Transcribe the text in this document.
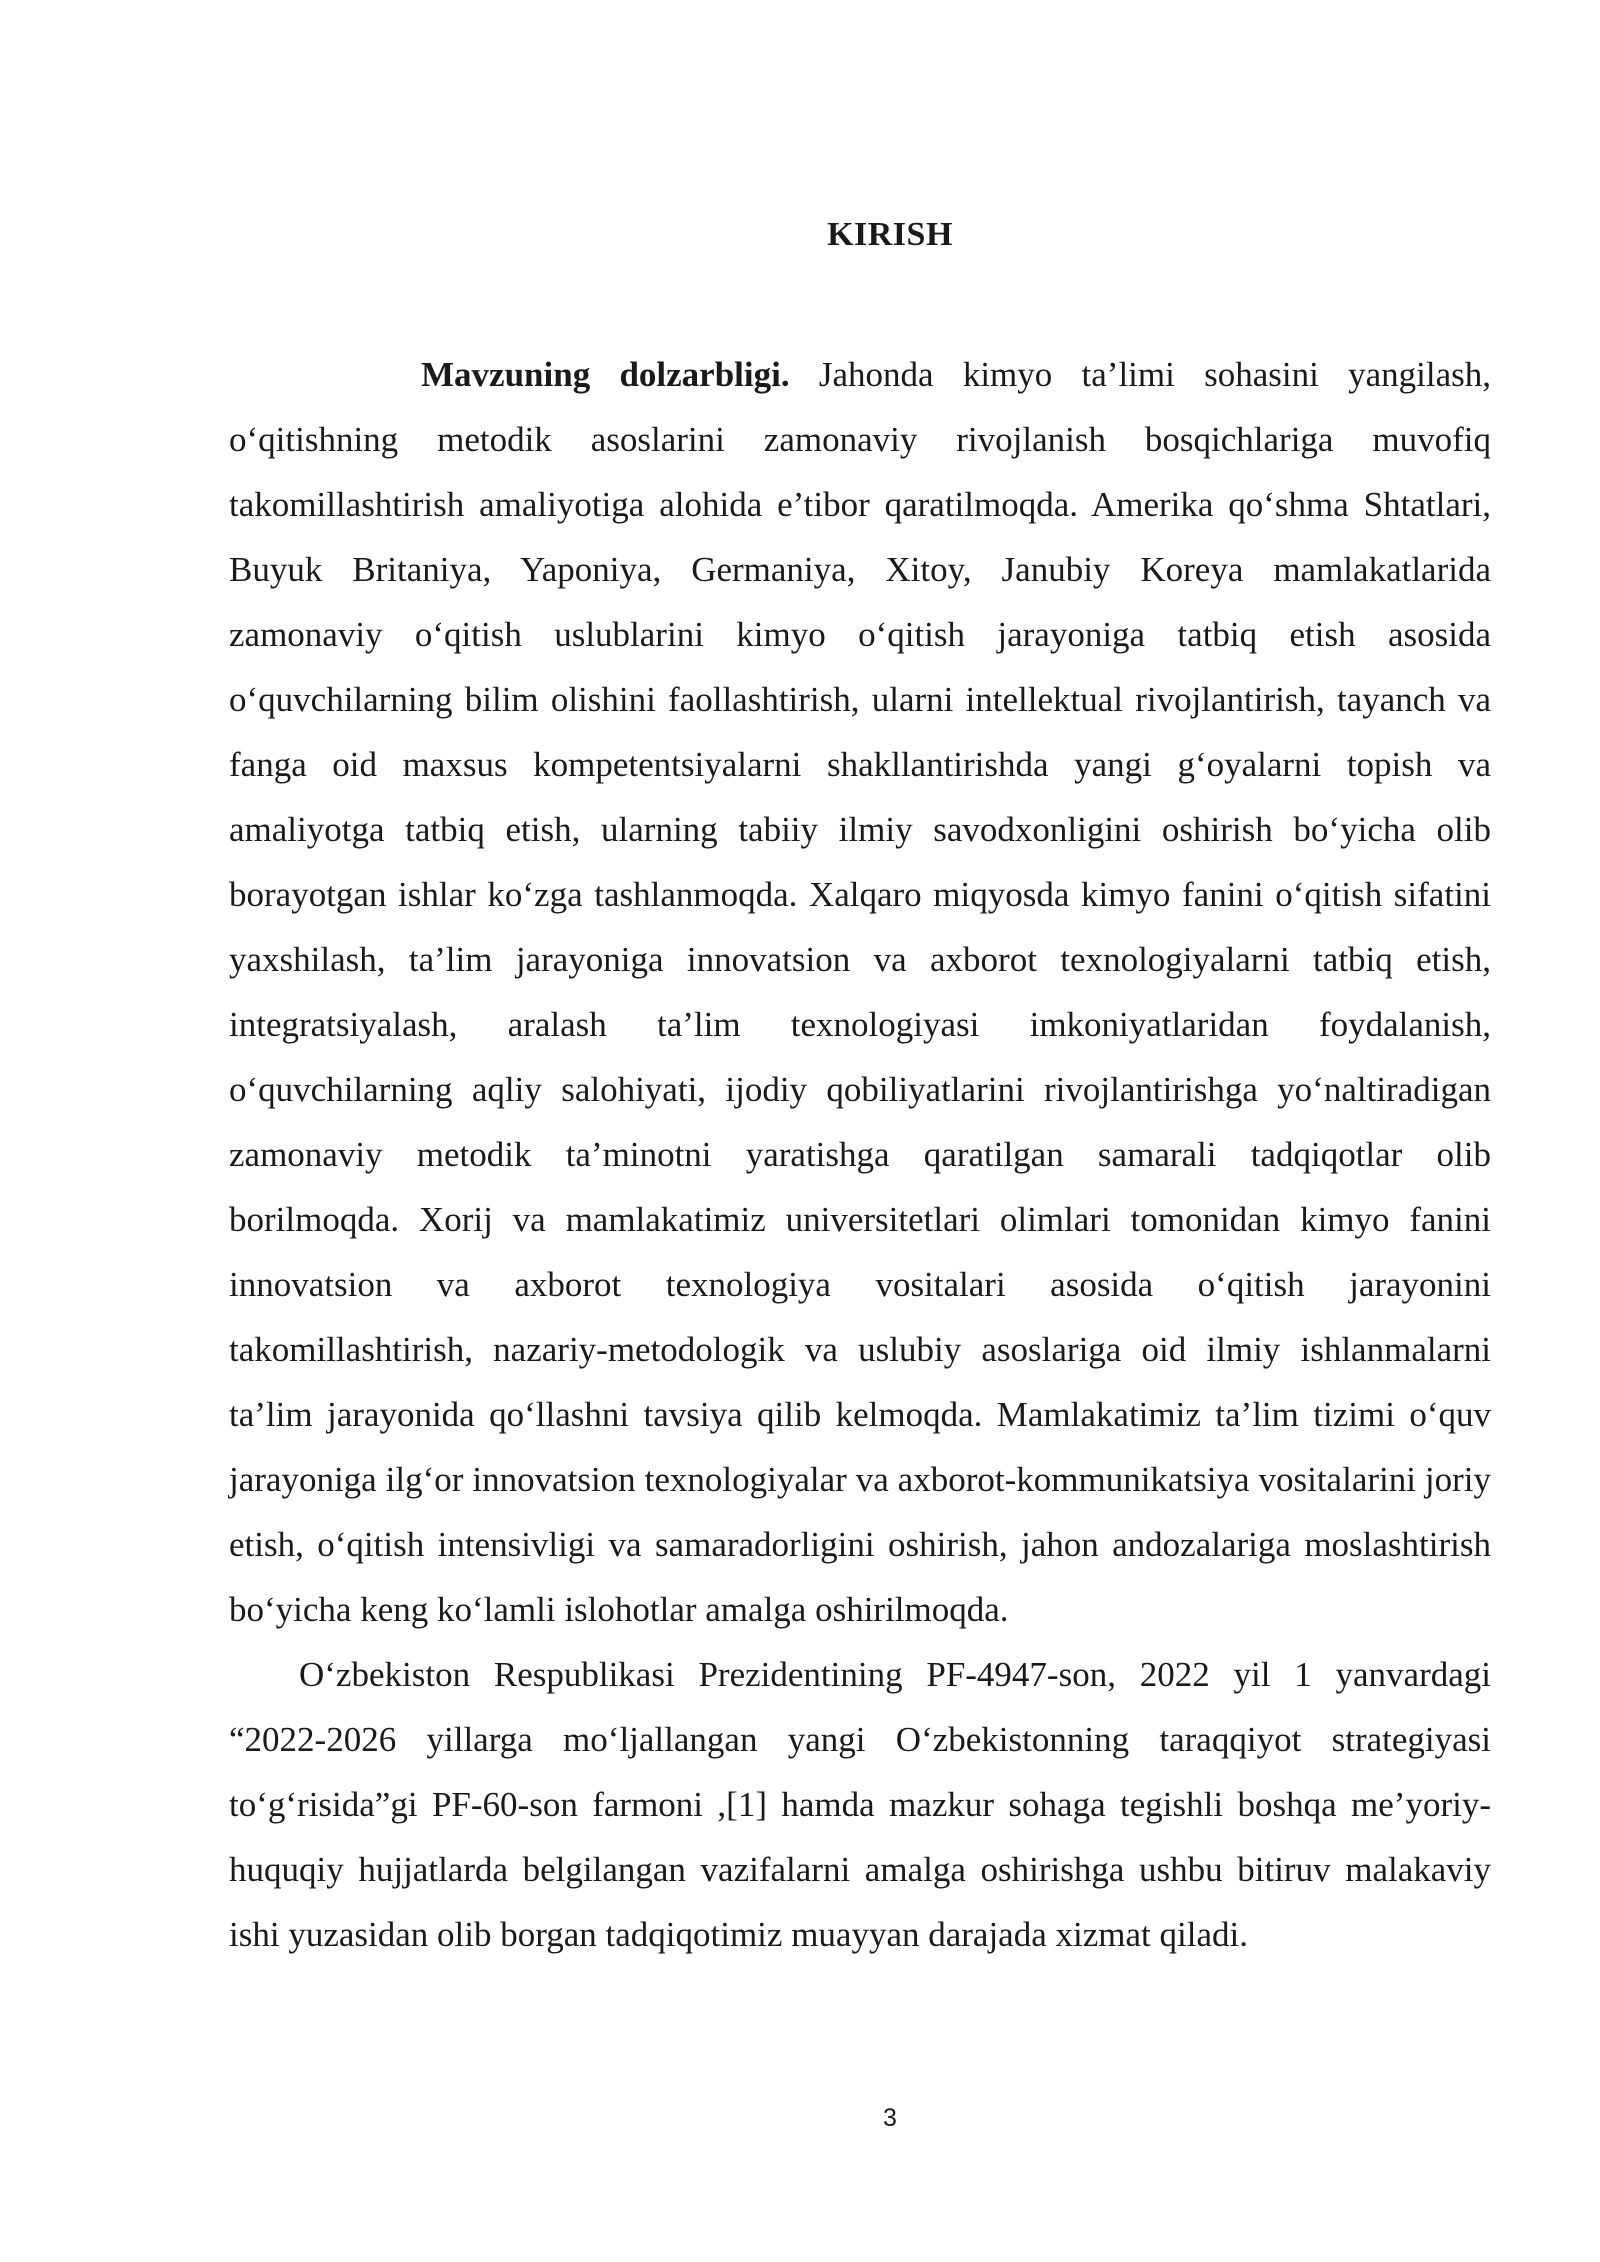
KIRISH

Mavzuning dolzarbligi. Jahonda kimyo ta’limi sohasini yangilash, o‘qitishning metodik asoslarini zamonaviy rivojlanish bosqichlariga muvofiq takomillashtirish amaliyotiga alohida e’tibor qaratilmoqda. Amerika qo‘shma Shtatlari, Buyuk Britaniya, Yaponiya, Germaniya, Xitoy, Janubiy Koreya mamlakatlarida zamonaviy o‘qitish uslublarini kimyo o‘qitish jarayoniga tatbiq etish asosida o‘quvchilarning bilim olishini faollashtirish, ularni intellektual rivojlantirish, tayanch va fanga oid maxsus kompetentsiyalarni shakllantirishda yangi g‘oyalarni topish va amaliyotga tatbiq etish, ularning tabiiy ilmiy savodxonligini oshirish bo‘yicha olib borayotgan ishlar ko‘zga tashlanmoqda. Xalqaro miqyosda kimyo fanini o‘qitish sifatini yaxshilash, ta’lim jarayoniga innovatsion va axborot texnologiyalarni tatbiq etish, integratsiyalash, aralash ta’lim texnologiyasi imkoniyatlaridan foydalanish, o‘quvchilarning aqliy salohiyati, ijodiy qobiliyatlarini rivojlantirishga yo‘naltiradigan zamonaviy metodik ta’minotni yaratishga qaratilgan samarali tadqiqotlar olib borilmoqda. Xorij va mamlakatimiz universitetlari olimlari tomonidan kimyo fanini innovatsion va axborot texnologiya vositalari asosida o‘qitish jarayonini takomillashtirish, nazariy-metodologik va uslubiy asoslariga oid ilmiy ishlanmalarni ta’lim jarayonida qo‘llashni tavsiya qilib kelmoqda. Mamlakatimiz ta’lim tizimi o‘quv jarayoniga ilg‘or innovatsion texnologiyalar va axborot-kommunikatsiya vositalarini joriy etish, o‘qitish intensivligi va samaradorligini oshirish, jahon andozalariga moslashtirish bo‘yicha keng ko‘lamli islohotlar amalga oshirilmoqda.

O‘zbekiston Respublikasi Prezidentining PF-4947-son, 2022 yil 1 yanvardagi “2022-2026 yillarga mo‘ljallangan yangi O‘zbekistonning taraqqiyot strategiyasi to‘g‘risida”gi PF-60-son farmoni ,[1] hamda mazkur sohaga tegishli boshqa me’yoriy-huquqiy hujjatlarda belgilangan vazifalarni amalga oshirishga ushbu bitiruv malakaviy ishi yuzasidan olib borgan tadqiqotimiz muayyan darajada xizmat qiladi.

3
